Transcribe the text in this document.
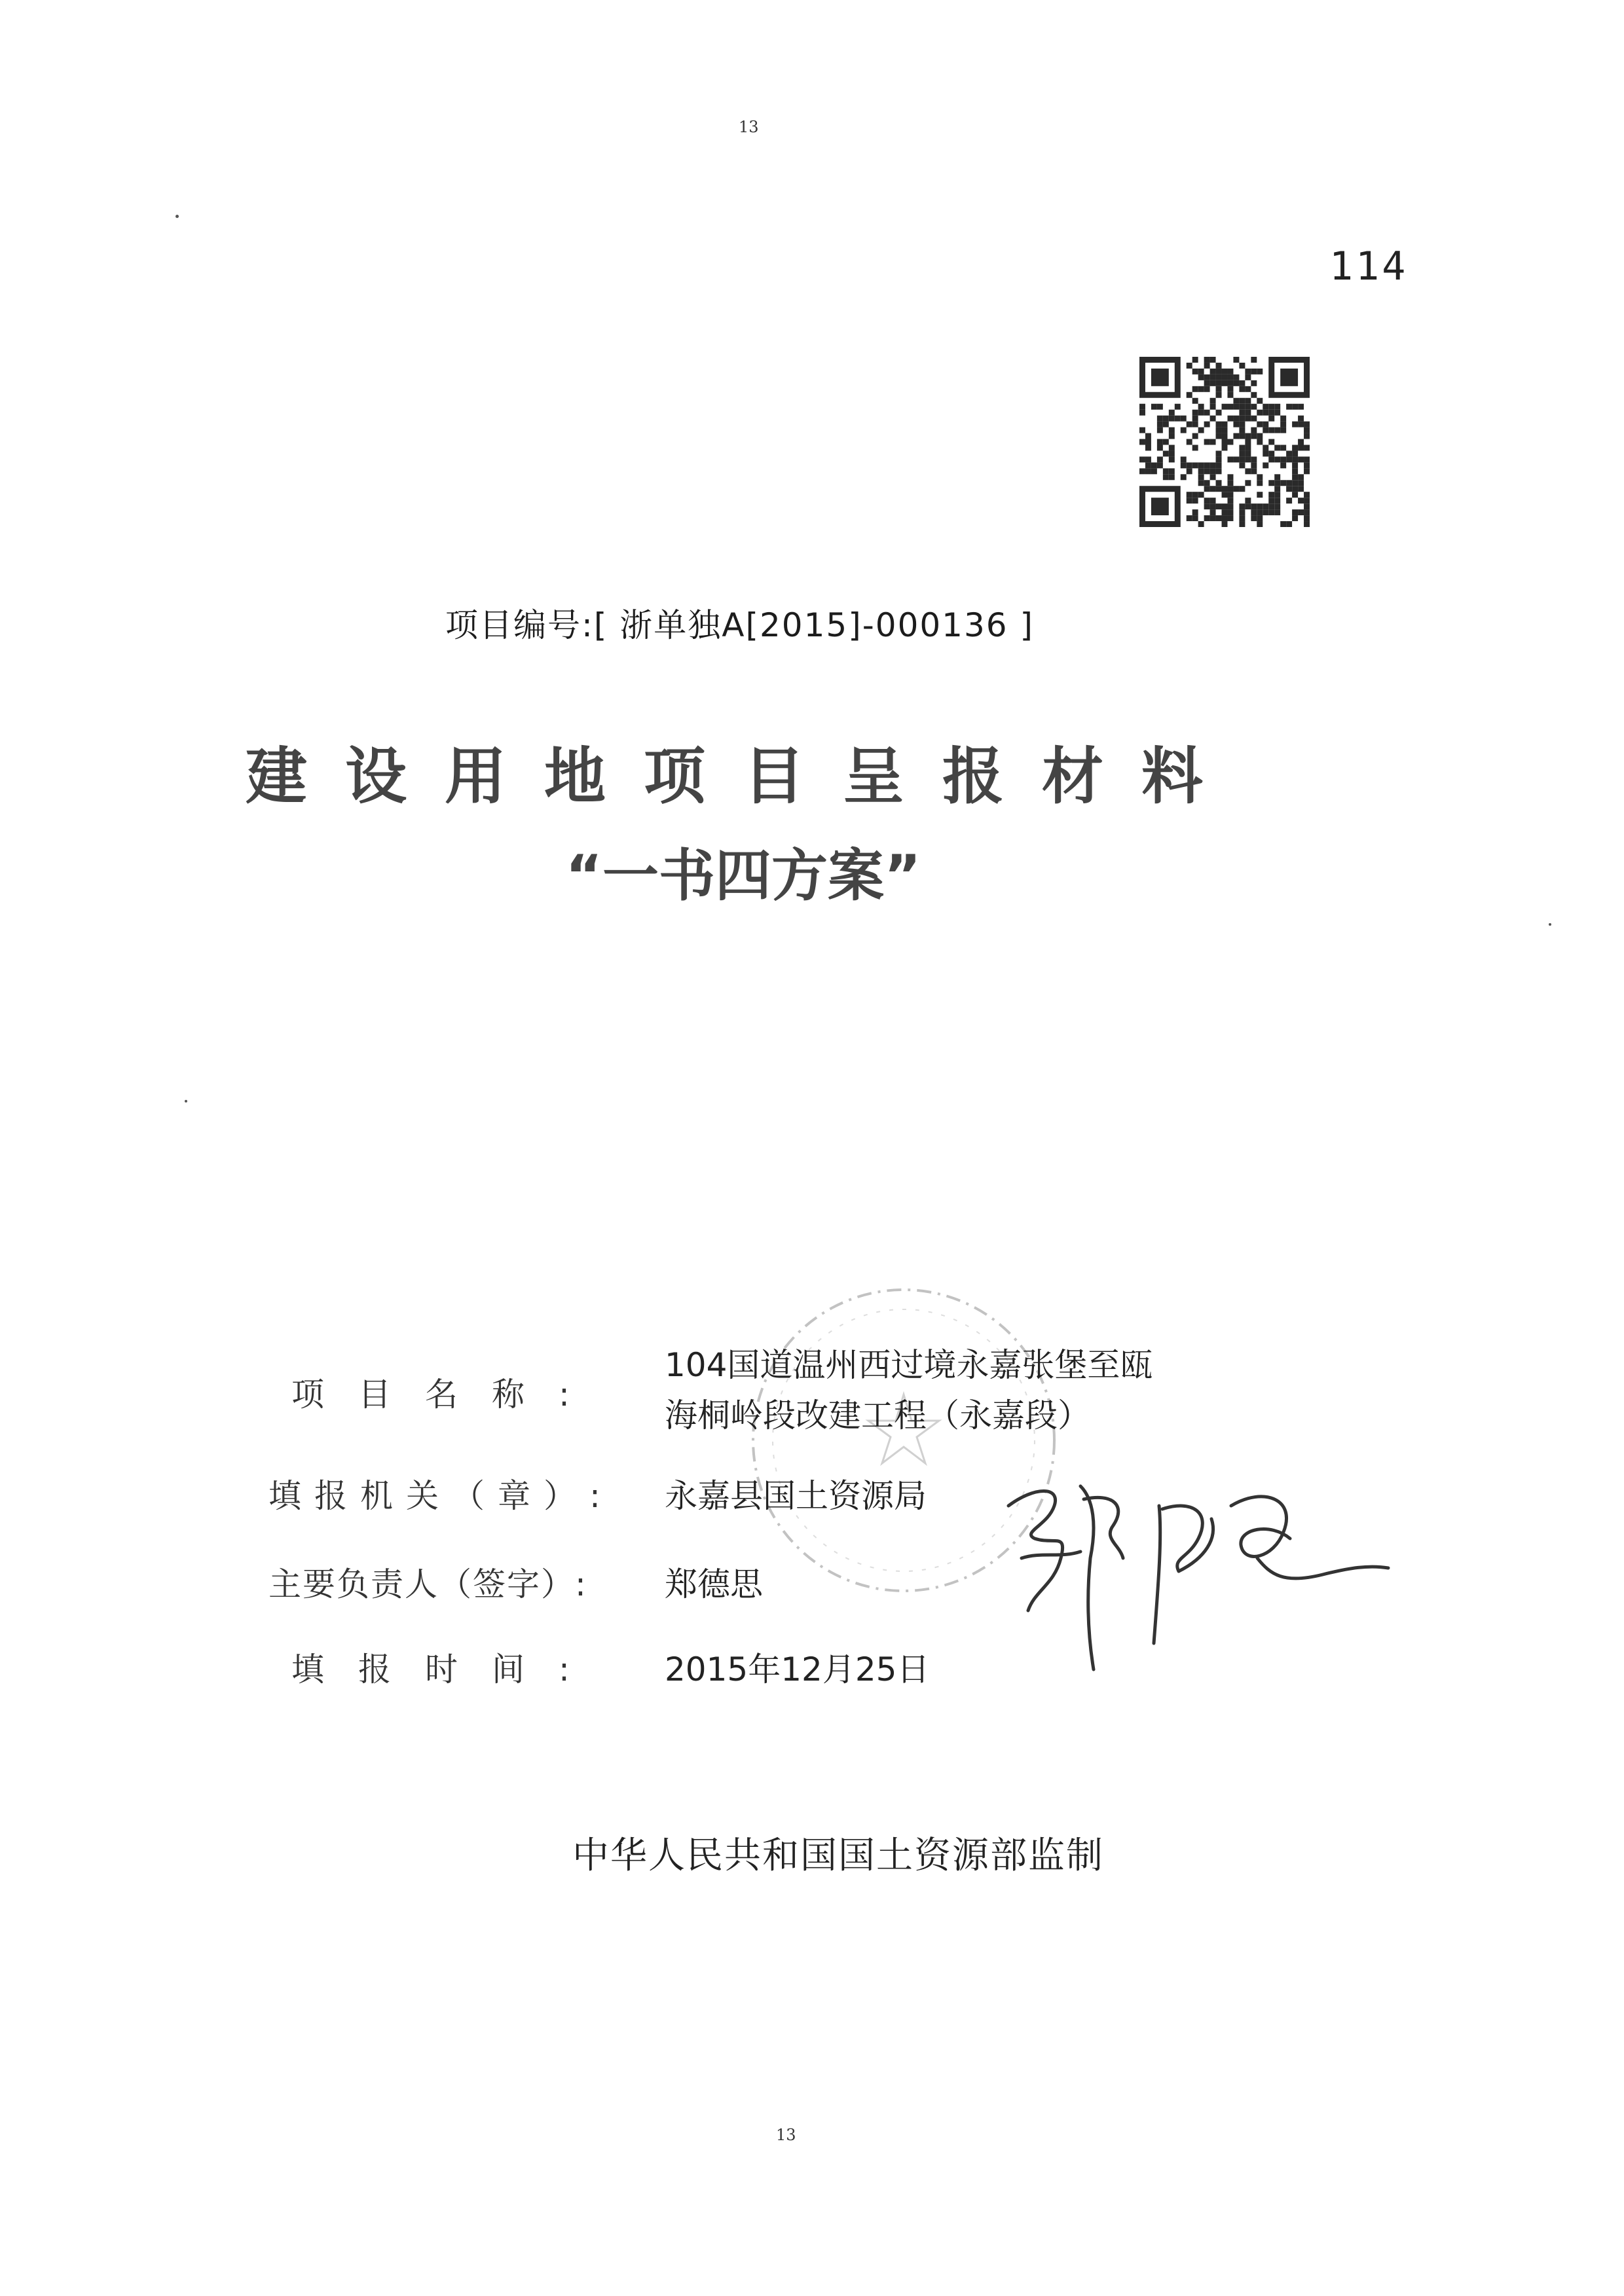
13
114
项目编号:[ 浙单独A[2015]-000136 ]
建设用地项目呈报材料
“一书四方案”
项目名称:
104国道温州西过境永嘉张堡至瓯
海桐岭段改建工程（永嘉段）
填报机关（章）: 永嘉县国土资源局
主要负责人（签字）: 郑德思
填报时间: 2015年12月25日
中华人民共和国国土资源部监制
13
